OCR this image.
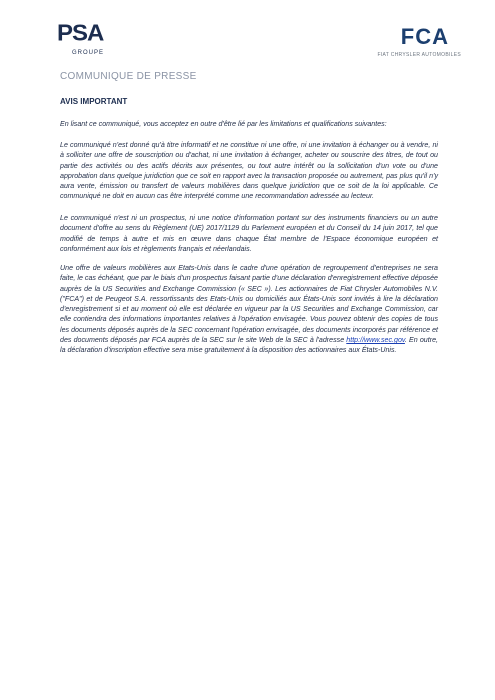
PSA
GROUPE
FCA
FIAT CHRYSLER AUTOMOBILES
COMMUNIQUE DE PRESSE
AVIS IMPORTANT
En lisant ce communiqué, vous acceptez en outre d'être lié par les limitations et qualifications suivantes:
Le communiqué n'est donné qu'à titre informatif et ne constitue ni une offre, ni une invitation à échanger ou à vendre, ni à solliciter une offre de souscription ou d'achat, ni une invitation à échanger, acheter ou souscrire des titres, de tout ou partie des activités ou des actifs décrits aux présentes, ou tout autre intérêt ou la sollicitation d'un vote ou d'une approbation dans quelque juridiction que ce soit en rapport avec la transaction proposée ou autrement, pas plus qu'il n'y aura vente, émission ou transfert de valeurs mobilières dans quelque juridiction que ce soit de la loi applicable. Ce communiqué ne doit en aucun cas être interprété comme une recommandation adressée au lecteur.
Le communiqué n'est ni un prospectus, ni une notice d'information portant sur des instruments financiers ou un autre document d'offre au sens du Règlement (UE) 2017/1129 du Parlement européen et du Conseil du 14 juin 2017, tel que modifié de temps à autre et mis en œuvre dans chaque État membre de l'Espace économique européen et conformément aux lois et règlements français et néerlandais.
Une offre de valeurs mobilières aux Etats-Unis dans le cadre d'une opération de regroupement d'entreprises ne sera faite, le cas échéant, que par le biais d'un prospectus faisant partie d'une déclaration d'enregistrement effective déposée auprès de la US Securities and Exchange Commission (« SEC »). Les actionnaires de Fiat Chrysler Automobiles N.V. ("FCA") et de Peugeot S.A. ressortissants des Etats-Unis ou domiciliés aux États-Unis sont invités à lire la déclaration d'enregistrement si et au moment où elle est déclarée en vigueur par la US Securities and Exchange Commission, car elle contiendra des informations importantes relatives à l'opération envisagée. Vous pouvez obtenir des copies de tous les documents déposés auprès de la SEC concernant l'opération envisagée, des documents incorporés par référence et des documents déposés par FCA auprès de la SEC sur le site Web de la SEC à l'adresse http://www.sec.gov. En outre, la déclaration d'inscription effective sera mise gratuitement à la disposition des actionnaires aux États-Unis.
